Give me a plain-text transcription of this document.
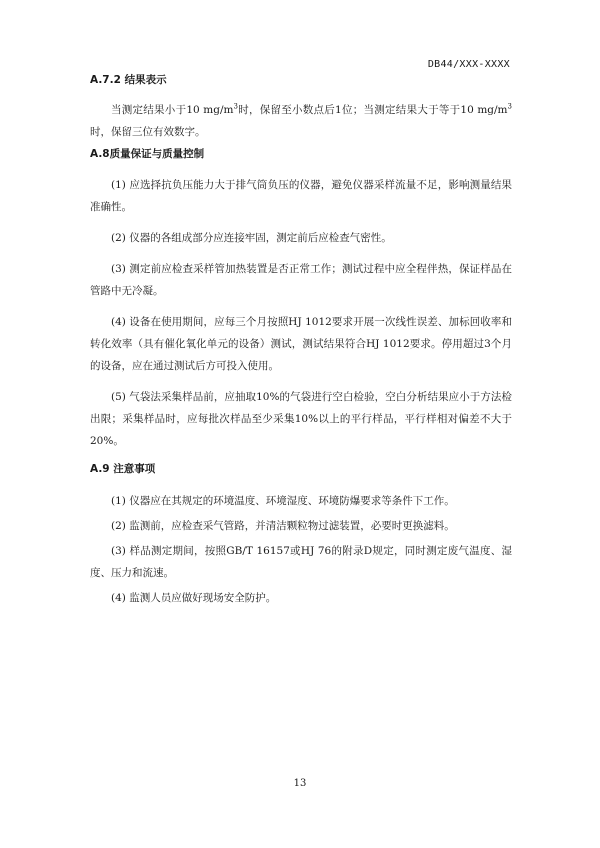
DB44/XXX-XXXX
A.7.2 结果表示

当测定结果小于10 $mg/m^3$时，保留至小数点后1位；当测定结果大于等于10 $mg/m^3$时，保留三位有效数字。

A.8质量保证与质量控制

(1) 应选择抗负压能力大于排气筒负压的仪器，避免仪器采样流量不足，影响测量结果准确性。

(2) 仪器的各组成部分应连接牢固，测定前后应检查气密性。

(3) 测定前应检查采样管加热装置是否正常工作；测试过程中应全程伴热，保证样品在管路中无冷凝。

(4) 设备在使用期间，应每三个月按照HJ 1012要求开展一次线性误差、加标回收率和转化效率（具有催化氧化单元的设备）测试，测试结果符合HJ 1012要求。停用超过3个月的设备，应在通过测试后方可投入使用。

(5) 气袋法采集样品前，应抽取10%的气袋进行空白检验，空白分析结果应小于方法检出限；采集样品时，应每批次样品至少采集10%以上的平行样品，平行样相对偏差不大于20%。

A.9 注意事项

(1) 仪器应在其规定的环境温度、环境湿度、环境防爆要求等条件下工作。

(2) 监测前，应检查采气管路，并清洁颗粒物过滤装置，必要时更换滤料。

(3) 样品测定期间，按照GB/T 16157或HJ 76的附录D规定，同时测定废气温度、湿度、压力和流速。

(4) 监测人员应做好现场安全防护。

13
